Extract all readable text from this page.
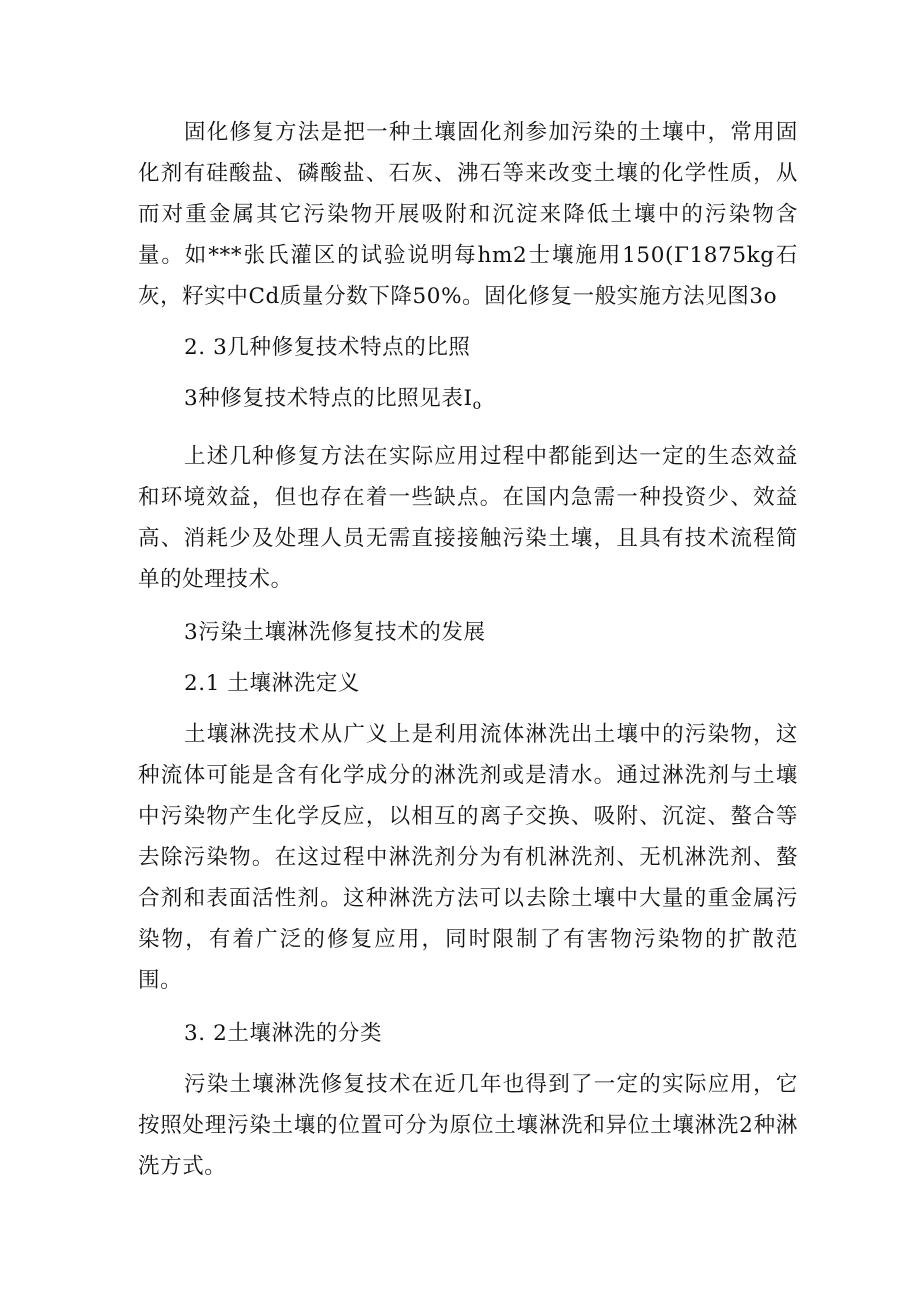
固化修复方法是把一种土壤固化剂参加污染的土壤中，常用固化剂有硅酸盐、磷酸盐、石灰、沸石等来改变土壤的化学性质，从而对重金属其它污染物开展吸附和沉淀来降低土壤中的污染物含量。如***张氏灌区的试验说明每hm2士壤施用150(Γ1875kg石灰，籽实中Cd质量分数下降50%。固化修复一般实施方法见图3o

2. 3几种修复技术特点的比照

3种修复技术特点的比照见表$I_o$

上述几种修复方法在实际应用过程中都能到达一定的生态效益和环境效益，但也存在着一些缺点。在国内急需一种投资少、效益高、消耗少及处理人员无需直接接触污染土壤，且具有技术流程简单的处理技术。

3污染土壤淋洗修复技术的发展

2.1 土壤淋洗定义

土壤淋洗技术从广义上是利用流体淋洗出土壤中的污染物，这种流体可能是含有化学成分的淋洗剂或是清水。通过淋洗剂与土壤中污染物产生化学反应，以相互的离子交换、吸附、沉淀、螯合等去除污染物。在这过程中淋洗剂分为有机淋洗剂、无机淋洗剂、螯合剂和表面活性剂。这种淋洗方法可以去除土壤中大量的重金属污染物，有着广泛的修复应用，同时限制了有害物污染物的扩散范围。

3. 2土壤淋洗的分类

污染土壤淋洗修复技术在近几年也得到了一定的实际应用，它按照处理污染土壤的位置可分为原位土壤淋洗和异位土壤淋洗2种淋洗方式。
